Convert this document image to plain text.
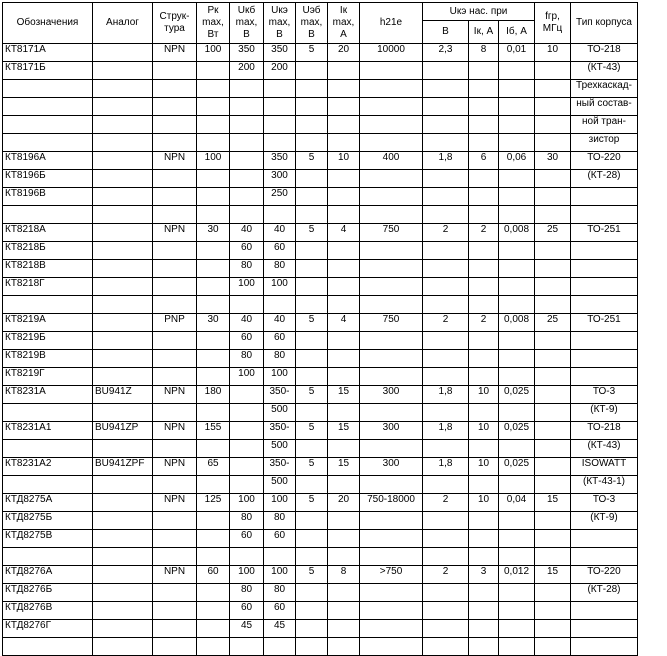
Обозначения	Аналог	Струк-тура	Pк max, Вт	Uкб max, В	Uкэ max, В	Uэб max, В	Iк max, А	h21е	Uкэ нас. при			fгр, МГц	Тип корпуса
									В	Iк, А	Iб, А		
КТ8171А		NPN	100	350	350	5	20	10000	2,3	8	0,01	10	ТО-218
КТ8171Б				200	200								(КТ-43)
													Трехкаскад-
													ный состав-
													ной тран-
													зистор
КТ8196А		NPN	100		350	5	10	400	1,8	6	0,06	30	ТО-220
КТ8196Б					300								(КТ-28)
КТ8196В					250								

КТ8218А		NPN	30	40	40	5	4	750	2	2	0,008	25	ТО-251
КТ8218Б				60	60								
КТ8218В				80	80								
КТ8218Г				100	100								

КТ8219А		PNP	30	40	40	5	4	750	2	2	0,008	25	ТО-251
КТ8219Б				60	60								
КТ8219В				80	80								
КТ8219Г				100	100								
КТ8231А	BU941Z	NPN	180		350-	5	15	300	1,8	10	0,025		ТО-3
					500								(КТ-9)
КТ8231А1	BU941ZP	NPN	155		350-	5	15	300	1,8	10	0,025		ТО-218
					500								(КТ-43)
КТ8231А2	BU941ZPF	NPN	65		350-	5	15	300	1,8	10	0,025		ISOWATT
					500								(КТ-43-1)
КТД8275А		NPN	125	100	100	5	20	750-18000	2	10	0,04	15	ТО-3
КТД8275Б				80	80								(КТ-9)
КТД8275В				60	60								

КТД8276А		NPN	60	100	100	5	8	>750	2	3	0,012	15	ТО-220
КТД8276Б				80	80								(КТ-28)
КТД8276В				60	60								
КТД8276Г				45	45								
